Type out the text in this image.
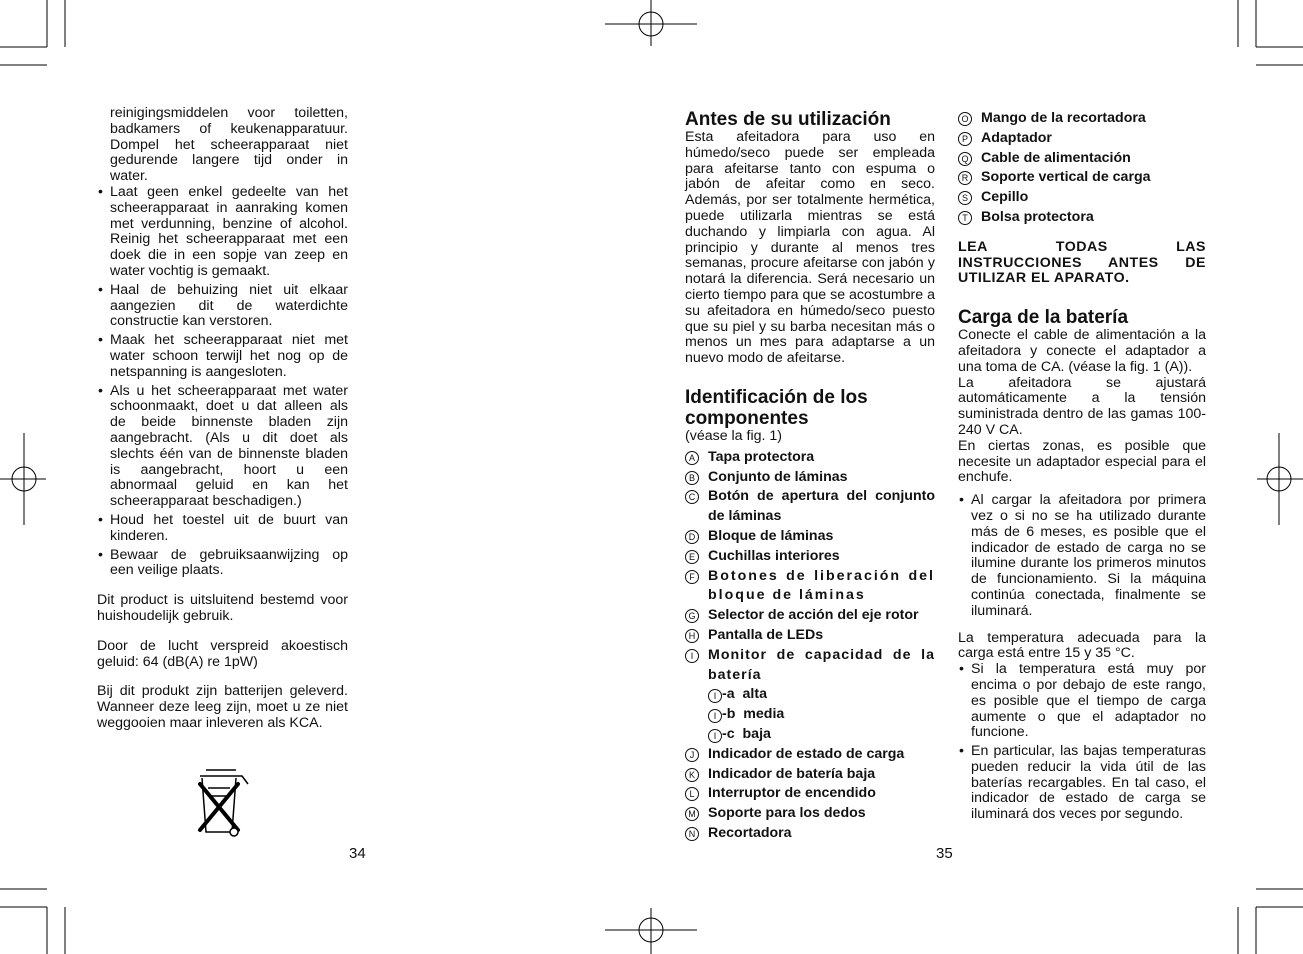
reinigingsmiddelen voor toiletten, badkamers of keukenapparatuur. Dompel het scheerapparaat niet gedurende langere tijd onder in water.
• Laat geen enkel gedeelte van het scheerapparaat in aanraking komen met verdunning, benzine of alcohol. Reinig het scheerapparaat met een doek die in een sopje van zeep en water vochtig is gemaakt.
• Haal de behuizing niet uit elkaar aangezien dit de waterdichte constructie kan verstoren.
• Maak het scheerapparaat niet met water schoon terwijl het nog op de netspanning is aangesloten.
• Als u het scheerapparaat met water schoonmaakt, doet u dat alleen als de beide binnenste bladen zijn aangebracht. (Als u dit doet als slechts één van de binnenste bladen is aangebracht, hoort u een abnormaal geluid en kan het scheerapparaat beschadigen.)
• Houd het toestel uit de buurt van kinderen.
• Bewaar de gebruiksaanwijzing op een veilige plaats.

Dit product is uitsluitend bestemd voor huishoudelijk gebruik.

Door de lucht verspreid akoestisch geluid: 64 (dB(A) re 1pW)

Bij dit produkt zijn batterijen geleverd. Wanneer deze leeg zijn, moet u ze niet weggooien maar inleveren als KCA.

34
Antes de su utilización

Esta afeitadora para uso en húmedo/seco puede ser empleada para afeitarse tanto con espuma o jabón de afeitar como en seco. Además, por ser totalmente hermética, puede utilizarla mientras se está duchando y limpiarla con agua. Al principio y durante al menos tres semanas, procure afeitarse con jabón y notará la diferencia. Será necesario un cierto tiempo para que se acostumbre a su afeitadora en húmedo/seco puesto que su piel y su barba necesitan más o menos un mes para adaptarse a un nuevo modo de afeitarse.

Identificación de los componentes
(véase la fig. 1)
A Tapa protectora
B Conjunto de láminas
C Botón de apertura del conjunto de láminas
D Bloque de láminas
E Cuchillas interiores
F Botones de liberación del bloque de láminas
G Selector de acción del eje rotor
H Pantalla de LEDs
I	Monitor de capacidad de la batería
I -a alta
I -b media
I -c baja
J Indicador de estado de carga
K Indicador de batería baja
L Interruptor de encendido
M Soporte para los dedos
N Recortadora
35
O Mango de la recortadora
P Adaptador
Q Cable de alimentación
R Soporte vertical de carga
S Cepillo
T Bolsa protectora

LEA TODAS LAS INSTRUCCIONES ANTES DE UTILIZAR EL APARATO.

Carga de la batería

Conecte el cable de alimentación a la afeitadora y conecte el adaptador a una toma de CA. (véase la fig. 1 (A)).

La afeitadora se ajustará automáticamente a la tensión suministrada dentro de las gamas 100-240 V CA.

En ciertas zonas, es posible que necesite un adaptador especial para el enchufe.

• Al cargar la afeitadora por primera vez o si no se ha utilizado durante más de 6 meses, es posible que el indicador de estado de carga no se ilumine durante los primeros minutos de funcionamiento. Si la máquina continúa conectada, finalmente se iluminará.

La temperatura adecuada para la carga está entre 15 y 35 °C.

• Si la temperatura está muy por encima o por debajo de este rango, es posible que el tiempo de carga aumente o que el adaptador no funcione.
• En particular, las bajas temperaturas pueden reducir la vida útil de las baterías recargables. En tal caso, el indicador de estado de carga se iluminará dos veces por segundo.
